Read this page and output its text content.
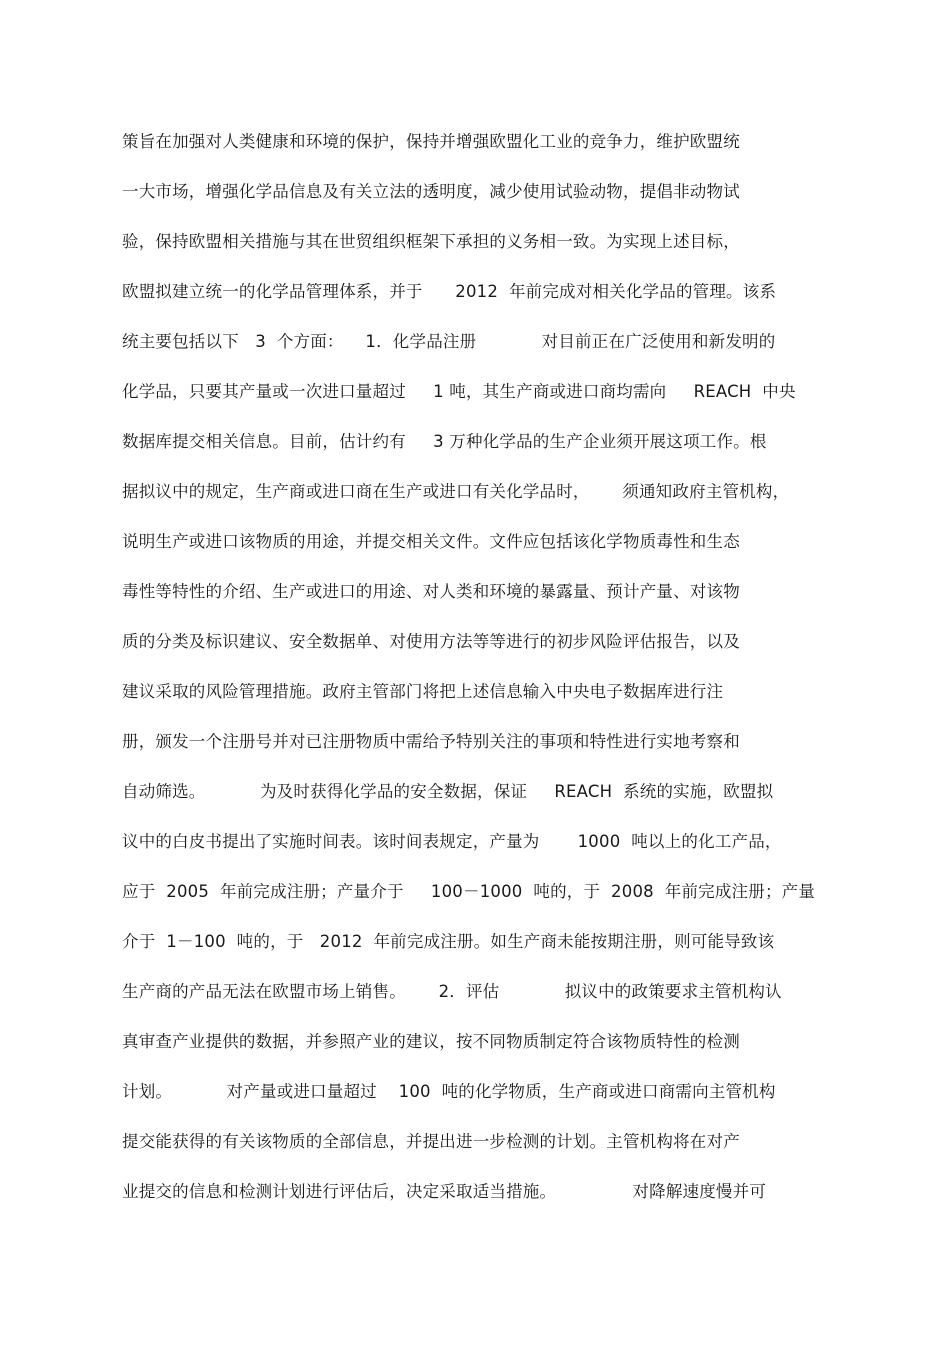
策旨在加强对人类健康和环境的保护，保持并增强欧盟化工业的竞争力，维护欧盟统
一大市场，增强化学品信息及有关立法的透明度，减少使用试验动物，提倡非动物试
验，保持欧盟相关措施与其在世贸组织框架下承担的义务相一致。为实现上述目标，
欧盟拟建立统一的化学品管理体系，并于      2012  年前完成对相关化学品的管理。该系
统主要包括以下   3  个方面：    1．化学品注册            对目前正在广泛使用和新发明的
化学品，只要其产量或一次进口量超过     1 吨，其生产商或进口商均需向     REACH  中央
数据库提交相关信息。目前，估计约有     3 万种化学品的生产企业须开展这项工作。根
据拟议中的规定，生产商或进口商在生产或进口有关化学品时，      须通知政府主管机构，
说明生产或进口该物质的用途，并提交相关文件。文件应包括该化学物质毒性和生态
毒性等特性的介绍、生产或进口的用途、对人类和环境的暴露量、预计产量、对该物
质的分类及标识建议、安全数据单、对使用方法等等进行的初步风险评估报告，以及
建议采取的风险管理措施。政府主管部门将把上述信息输入中央电子数据库进行注
册，颁发一个注册号并对已注册物质中需给予特别关注的事项和特性进行实地考察和
自动筛选。          为及时获得化学品的安全数据，保证     REACH  系统的实施，欧盟拟
议中的白皮书提出了实施时间表。该时间表规定，产量为       1000  吨以上的化工产品，
应于  2005  年前完成注册；产量介于     100－1000  吨的，于  2008  年前完成注册；产量
介于  1－100  吨的，于   2012  年前完成注册。如生产商未能按期注册，则可能导致该
生产商的产品无法在欧盟市场上销售。      2．评估            拟议中的政策要求主管机构认
真审查产业提供的数据，并参照产业的建议，按不同物质制定符合该物质特性的检测
计划。          对产量或进口量超过    100  吨的化学物质，生产商或进口商需向主管机构
提交能获得的有关该物质的全部信息，并提出进一步检测的计划。主管机构将在对产
业提交的信息和检测计划进行评估后，决定采取适当措施。              对降解速度慢并可
